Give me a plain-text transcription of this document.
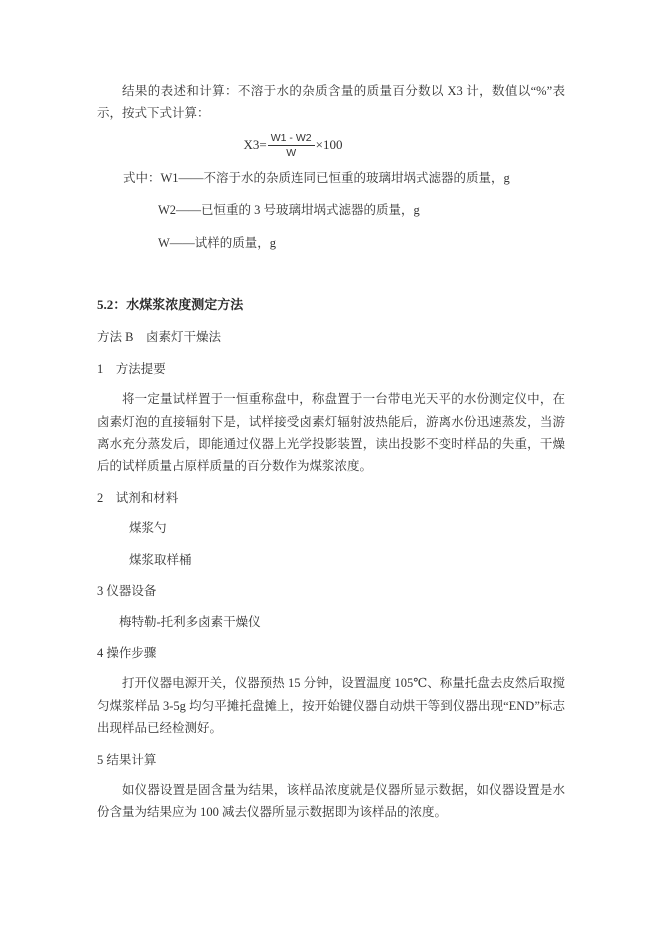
结果的表述和计算：不溶于水的杂质含量的质量百分数以 X3 计，数值以“%”表示，按式下式计算：
$X3= \frac{W1 - W2}{W} \times 100$
式中：W1——不溶于水的杂质连同已恒重的玻璃坩埚式滤器的质量，g
W2——已恒重的 3 号玻璃坩埚式滤器的质量，g
W——试样的质量，g
5.2：水煤浆浓度测定方法
方法 B　卤素灯干燥法
1　方法提要
将一定量试样置于一恒重称盘中，称盘置于一台带电光天平的水份测定仪中，在卤素灯泡的直接辐射下是，试样接受卤素灯辐射波热能后，游离水份迅速蒸发，当游离水充分蒸发后，即能通过仪器上光学投影装置，读出投影不变时样品的失重，干燥后的试样质量占原样质量的百分数作为煤浆浓度。
2　试剂和材料
煤浆勺
煤浆取样桶
3 仪器设备
梅特勒-托利多卤素干燥仪
4 操作步骤
打开仪器电源开关，仪器预热 15 分钟，设置温度 105℃、称量托盘去皮然后取搅匀煤浆样品 3-5g 均匀平摊托盘摊上，按开始键仪器自动烘干等到仪器出现“END”标志出现样品已经检测好。
5 结果计算
如仪器设置是固含量为结果，该样品浓度就是仪器所显示数据，如仪器设置是水份含量为结果应为 100 减去仪器所显示数据即为该样品的浓度。
